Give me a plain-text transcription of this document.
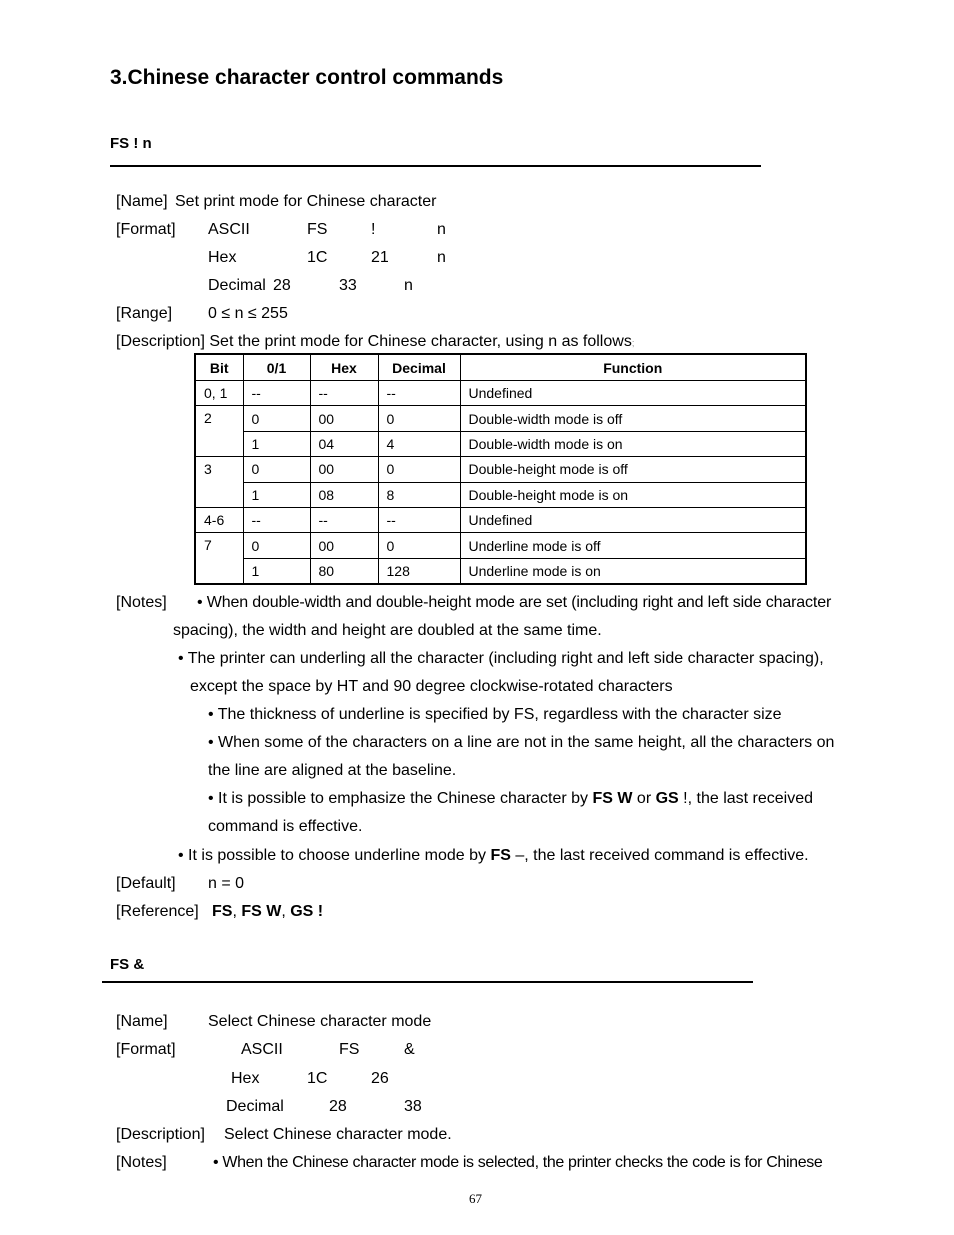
3.Chinese character control commands
FS ! n
[Name] Set print mode for Chinese character
[Format] ASCII	FS	!	n
Hex	1C	21	n
Decimal 28	33	n
[Range] 0 ≤ n ≤ 255
[Description] Set the print mode for Chinese character, using n as follows;
Bit	0/1	Hex	Decimal	Function
0, 1	--	--	--	Undefined
2	0	00	0	Double-width mode is off
	1	04	4	Double-width mode is on
3	0	00	0	Double-height mode is off
	1	08	8	Double-height mode is on
4-6	--	--	--	Undefined
7	0	00	0	Underline mode is off
	1	80	128	Underline mode is on
[Notes] • When double-width and double-height mode are set (including right and left side character
spacing), the width and height are doubled at the same time.
• The printer can underling all the character (including right and left side character spacing),
except the space by HT and 90 degree clockwise-rotated characters
• The thickness of underline is specified by FS, regardless with the character size
• When some of the characters on a line are not in the same height, all the characters on
the line are aligned at the baseline.
• It is possible to emphasize the Chinese character by FS W or GS !, the last received
command is effective.
• It is possible to choose underline mode by FS –, the last received command is effective.
[Default] n = 0
[Reference] FS, FS W, GS !
FS &
[Name]	Select Chinese character mode
[Format]	ASCII	FS	&
Hex	1C	26
Decimal	28	38
[Description] Select Chinese character mode.
[Notes]	• When the Chinese character mode is selected, the printer checks the code is for Chinese
67
